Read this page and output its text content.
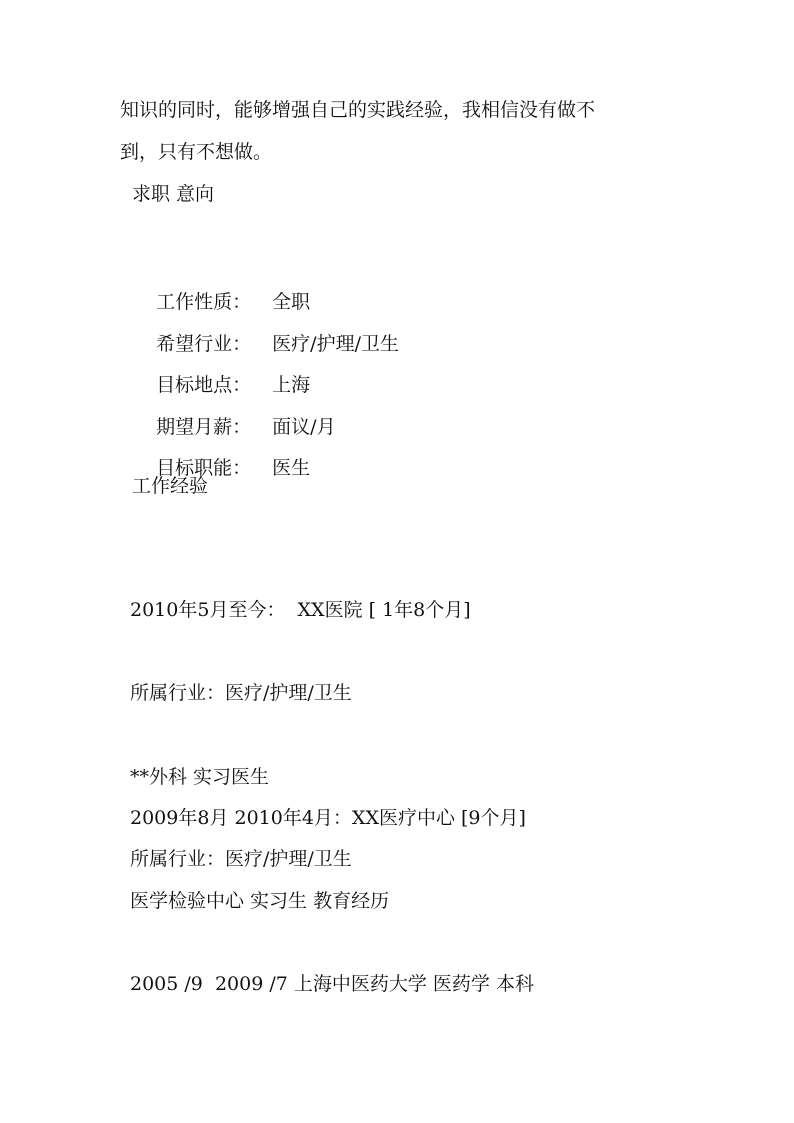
知识的同时，能够增强自己的实践经验，我相信没有做不
到，只有不想做。
求职 意向

工作性质： 全职

希望行业： 医疗/护理/卫生

目标地点： 上海

期望月薪： 面议/月

目标职能： 医生

工作经验
2010年5月至今：  XX医院 [ 1年8个月]
所属行业：医疗/护理/卫生
**外科 实习医生
2009年8月 2010年4月：XX医疗中心 [9个月]
所属行业：医疗/护理/卫生
医学检验中心 实习生 教育经历
2005 /9  2009 /7 上海中医药大学 医药学 本科
